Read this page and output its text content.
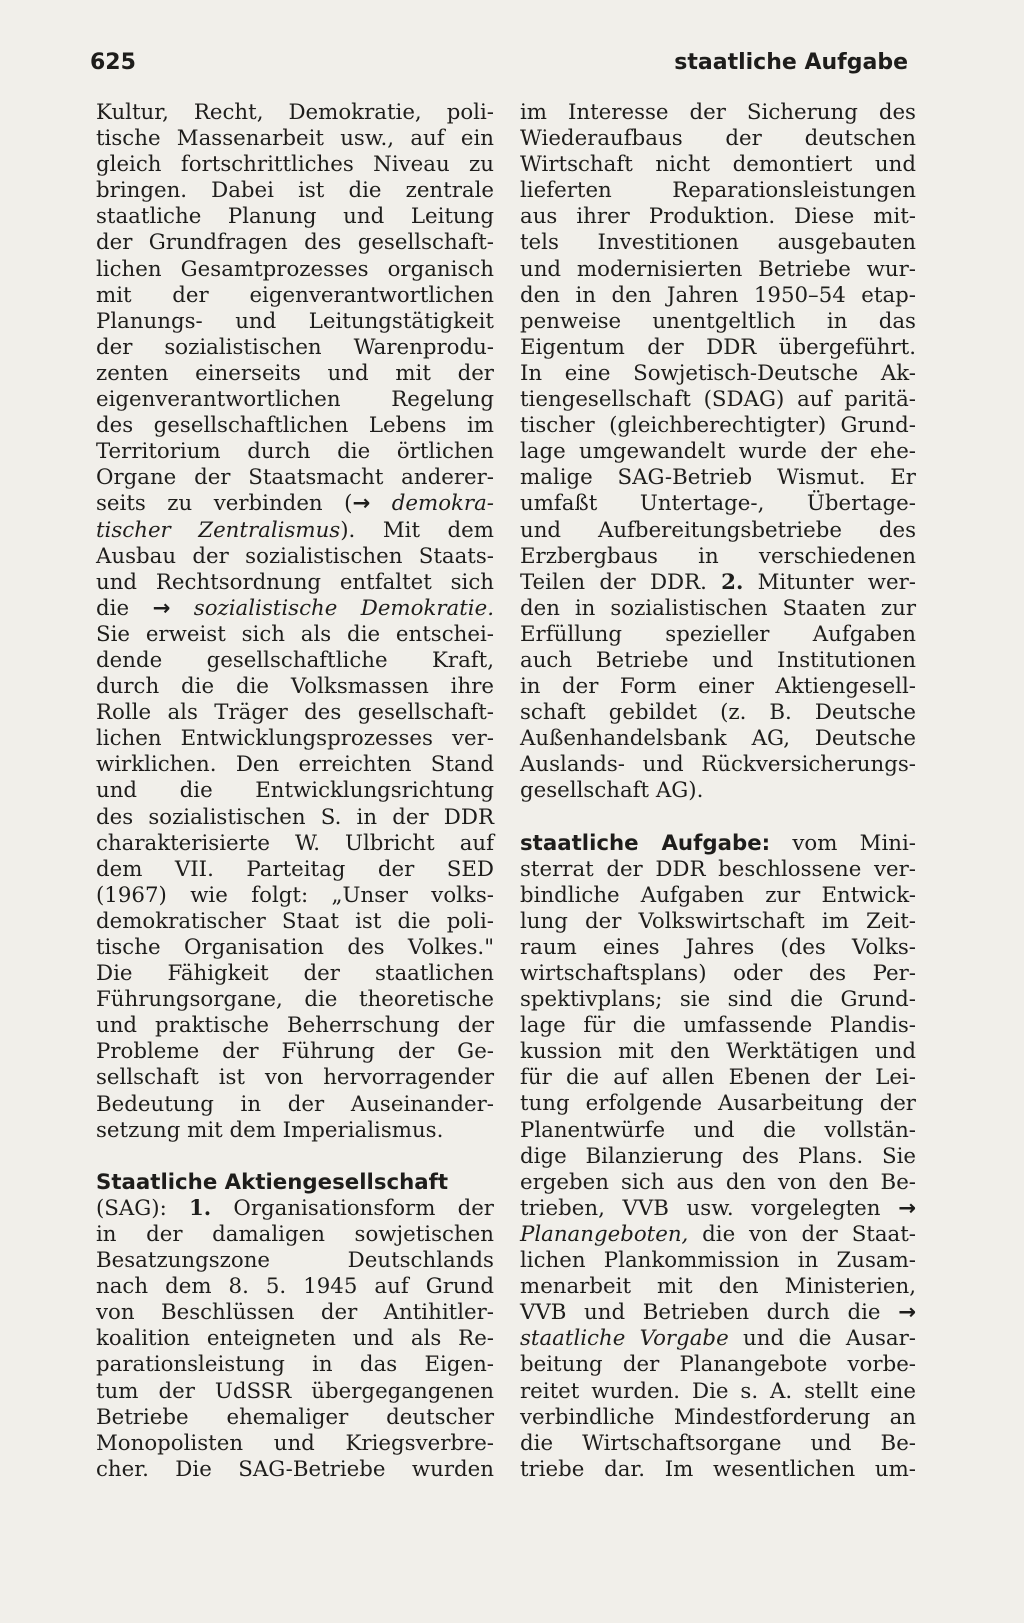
625	staatliche Aufgabe
Kultur, Recht, Demokratie, poli-
tische Massenarbeit usw., auf ein
gleich fortschrittliches Niveau zu
bringen. Dabei ist die zentrale
staatliche Planung und Leitung
der Grundfragen des gesellschaft-
lichen Gesamtprozesses organisch
mit der eigenverantwortlichen
Planungs- und Leitungstätigkeit
der sozialistischen Warenprodu-
zenten einerseits und mit der
eigenverantwortlichen Regelung
des gesellschaftlichen Lebens im
Territorium durch die örtlichen
Organe der Staatsmacht anderer-
seits zu verbinden (→ demokra-
tischer Zentralismus). Mit dem
Ausbau der sozialistischen Staats-
und Rechtsordnung entfaltet sich
die → sozialistische Demokratie.
Sie erweist sich als die entschei-
dende gesellschaftliche Kraft,
durch die die Volksmassen ihre
Rolle als Träger des gesellschaft-
lichen Entwicklungsprozesses ver-
wirklichen. Den erreichten Stand
und die Entwicklungsrichtung
des sozialistischen S. in der DDR
charakterisierte W. Ulbricht auf
dem VII. Parteitag der SED
(1967) wie folgt: „Unser volks-
demokratischer Staat ist die poli-
tische Organisation des Volkes."
Die Fähigkeit der staatlichen
Führungsorgane, die theoretische
und praktische Beherrschung der
Probleme der Führung der Ge-
sellschaft ist von hervorragender
Bedeutung in der Auseinander-
setzung mit dem Imperialismus.
Staatliche Aktiengesellschaft
(SAG): 1. Organisationsform der
in der damaligen sowjetischen
Besatzungszone Deutschlands
nach dem 8. 5. 1945 auf Grund
von Beschlüssen der Antihitler-
koalition enteigneten und als Re-
parationsleistung in das Eigen-
tum der UdSSR übergegangenen
Betriebe ehemaliger deutscher
Monopolisten und Kriegsverbre-
cher. Die SAG-Betriebe wurden
im Interesse der Sicherung des
Wiederaufbaus der deutschen
Wirtschaft nicht demontiert und
lieferten Reparationsleistungen
aus ihrer Produktion. Diese mit-
tels Investitionen ausgebauten
und modernisierten Betriebe wur-
den in den Jahren 1950–54 etap-
penweise unentgeltlich in das
Eigentum der DDR übergeführt.
In eine Sowjetisch-Deutsche Ak-
tiengesellschaft (SDAG) auf paritä-
tischer (gleichberechtigter) Grund-
lage umgewandelt wurde der ehe-
malige SAG-Betrieb Wismut. Er
umfaßt Untertage-, Übertage-
und Aufbereitungsbetriebe des
Erzbergbaus in verschiedenen
Teilen der DDR. 2. Mitunter wer-
den in sozialistischen Staaten zur
Erfüllung spezieller Aufgaben
auch Betriebe und Institutionen
in der Form einer Aktiengesell-
schaft gebildet (z. B. Deutsche
Außenhandelsbank AG, Deutsche
Auslands- und Rückversicherungs-
gesellschaft AG).
staatliche Aufgabe: vom Mini-
sterrat der DDR beschlossene ver-
bindliche Aufgaben zur Entwick-
lung der Volkswirtschaft im Zeit-
raum eines Jahres (des Volks-
wirtschaftsplans) oder des Per-
spektivplans; sie sind die Grund-
lage für die umfassende Plandis-
kussion mit den Werktätigen und
für die auf allen Ebenen der Lei-
tung erfolgende Ausarbeitung der
Planentwürfe und die vollstän-
dige Bilanzierung des Plans. Sie
ergeben sich aus den von den Be-
trieben, VVB usw. vorgelegten →
Planangeboten, die von der Staat-
lichen Plankommission in Zusam-
menarbeit mit den Ministerien,
VVB und Betrieben durch die →
staatliche Vorgabe und die Ausar-
beitung der Planangebote vorbe-
reitet wurden. Die s. A. stellt eine
verbindliche Mindestforderung an
die Wirtschaftsorgane und Be-
triebe dar. Im wesentlichen um-
